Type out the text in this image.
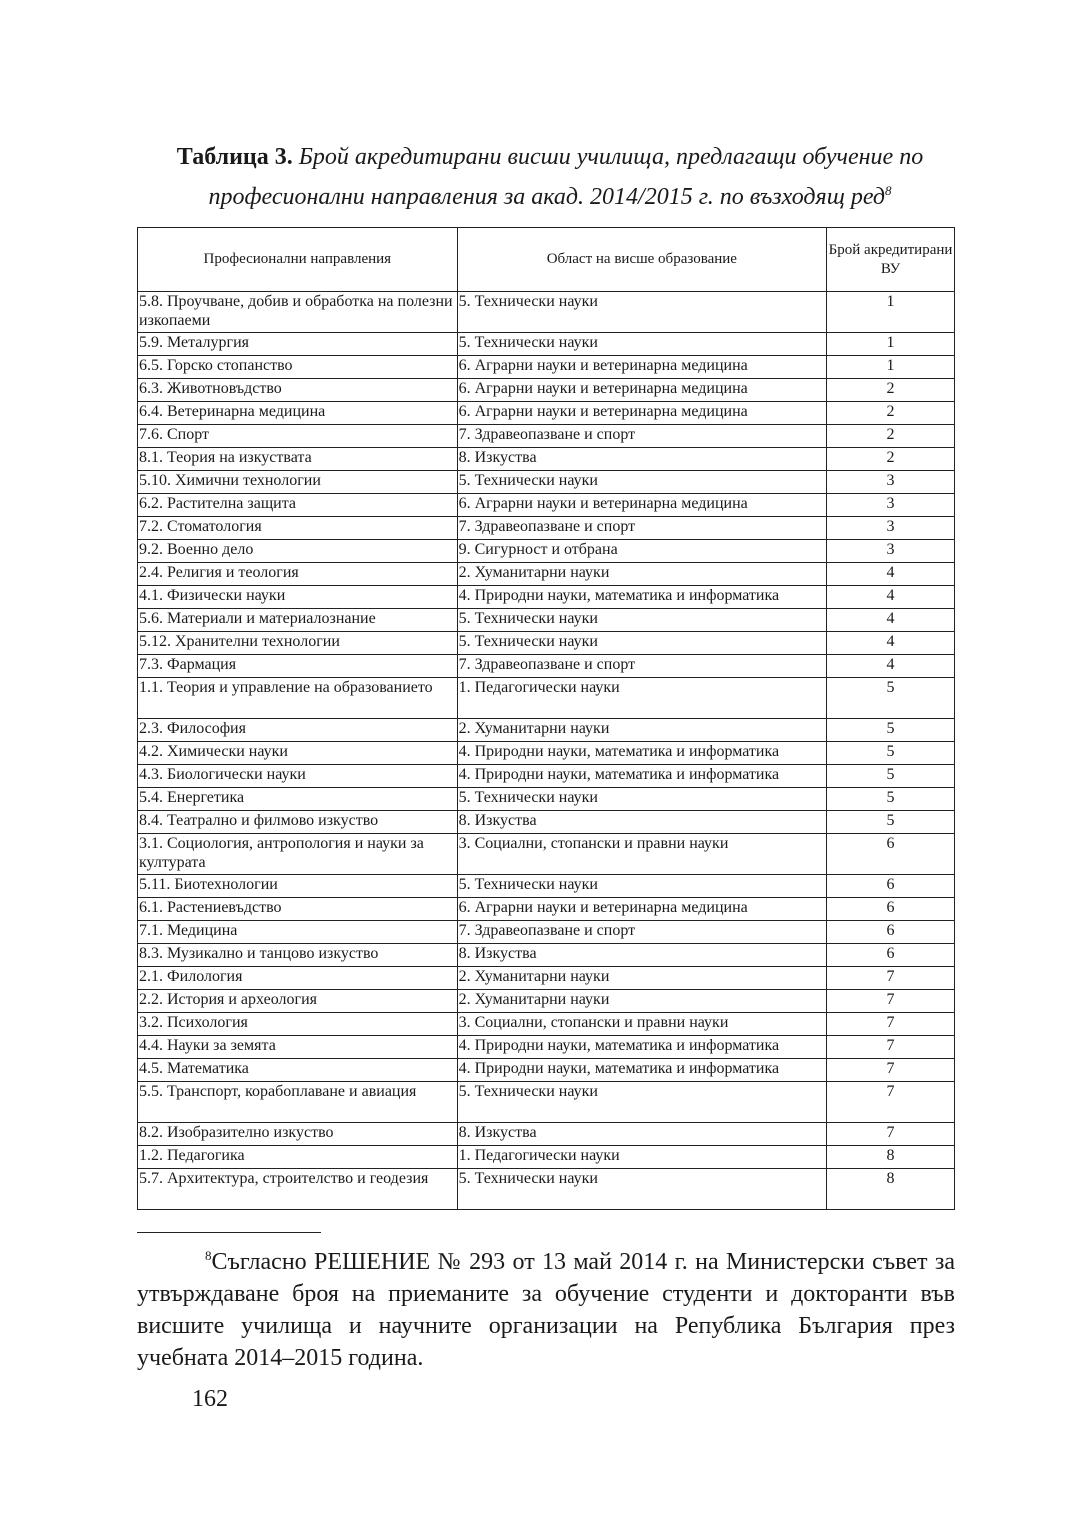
Таблица 3. Брой акредитирани висши училища, предлагащи обучение по професионални направления за акад. 2014/2015 г. по възходящ ред$^8$
Професионални направления	Област на висше образование	Брой акредитирани ВУ
5.8. Проучване, добив и обработка на полезни изкопаеми	5. Технически науки	1
5.9. Металургия	5. Технически науки	1
6.5. Горско стопанство	6. Аграрни науки и ветеринарна медицина	1
6.3. Животновъдство	6. Аграрни науки и ветеринарна медицина	2
6.4. Ветеринарна медицина	6. Аграрни науки и ветеринарна медицина	2
7.6. Спорт	7. Здравеопазване и спорт	2
8.1. Теория на изкуствата	8. Изкуства	2
5.10. Химични технологии	5. Технически науки	3
6.2. Растителна защита	6. Аграрни науки и ветеринарна медицина	3
7.2. Стоматология	7. Здравеопазване и спорт	3
9.2. Военно дело	9. Сигурност и отбрана	3
2.4. Религия и теология	2. Хуманитарни науки	4
4.1. Физически науки	4. Природни науки, математика и информатика	4
5.6. Материали и материалознание	5. Технически науки	4
5.12. Хранителни технологии	5. Технически науки	4
7.3. Фармация	7. Здравеопазване и спорт	4
1.1. Теория и управление на образованието	1. Педагогически науки	5
2.3. Философия	2. Хуманитарни науки	5
4.2. Химически науки	4. Природни науки, математика и информатика	5
4.3. Биологически науки	4. Природни науки, математика и информатика	5
5.4. Енергетика	5. Технически науки	5
8.4. Театрално и филмово изкуство	8. Изкуства	5
3.1. Социология, антропология и науки за културата	3. Социални, стопански и правни науки	6
5.11. Биотехнологии	5. Технически науки	6
6.1. Растениевъдство	6. Аграрни науки и ветеринарна медицина	6
7.1. Медицина	7. Здравеопазване и спорт	6
8.3. Музикално и танцово изкуство	8. Изкуства	6
2.1. Филология	2. Хуманитарни науки	7
2.2. История и археология	2. Хуманитарни науки	7
3.2. Психология	3. Социални, стопански и правни науки	7
4.4. Науки за земята	4. Природни науки, математика и информатика	7
4.5. Математика	4. Природни науки, математика и информатика	7
5.5. Транспорт, корабоплаване и авиация	5. Технически науки	7
8.2. Изобразително изкуство	8. Изкуства	7
1.2. Педагогика	1. Педагогически науки	8
5.7. Архитектура, строителство и геодезия	5. Технически науки	8
$^8$Съгласно РЕШЕНИЕ № 293 от 13 май 2014 г. на Министерски съвет за утвърждаване броя на приеманите за обучение студенти и докторанти във висшите училища и научните организации на Република България през учебната 2014–2015 година.
162
